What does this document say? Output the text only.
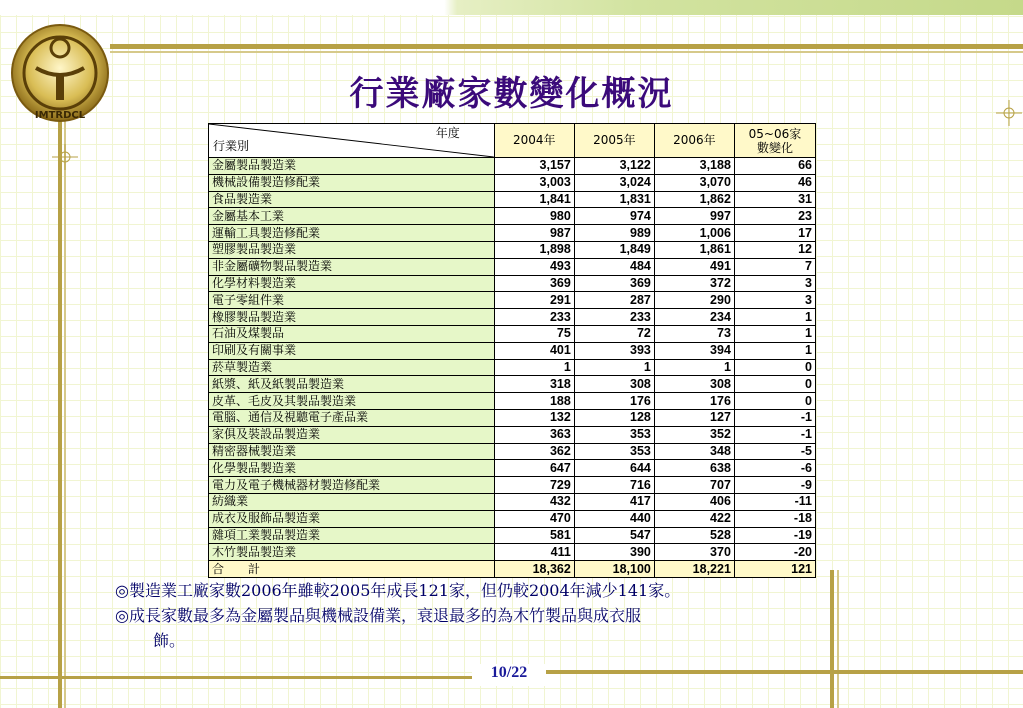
IMTRDCL
行業廠家數變化概況
年度
行業別	2004年	2005年	2006年	05~06家
數變化
金屬製品製造業	3,157	3,122	3,188	66
機械設備製造修配業	3,003	3,024	3,070	46
食品製造業	1,841	1,831	1,862	31
金屬基本工業	980	974	997	23
運輸工具製造修配業	987	989	1,006	17
塑膠製品製造業	1,898	1,849	1,861	12
非金屬礦物製品製造業	493	484	491	7
化學材料製造業	369	369	372	3
電子零組件業	291	287	290	3
橡膠製品製造業	233	233	234	1
石油及煤製品	75	72	73	1
印刷及有關事業	401	393	394	1
菸草製造業	1	1	1	0
紙漿、紙及紙製品製造業	318	308	308	0
皮革、毛皮及其製品製造業	188	176	176	0
電腦、通信及視聽電子產品業	132	128	127	-1
家俱及裝設品製造業	363	353	352	-1
精密器械製造業	362	353	348	-5
化學製品製造業	647	644	638	-6
電力及電子機械器材製造修配業	729	716	707	-9
紡織業	432	417	406	-11
成衣及服飾品製造業	470	440	422	-18
雜項工業製品製造業	581	547	528	-19
木竹製品製造業	411	390	370	-20
合　　計	18,362	18,100	18,221	121
◎製造業工廠家數2006年雖較2005年成長121家，但仍較2004年減少141家。
◎成長家數最多為金屬製品與機械設備業，衰退最多的為木竹製品與成衣服
飾。
10/22
